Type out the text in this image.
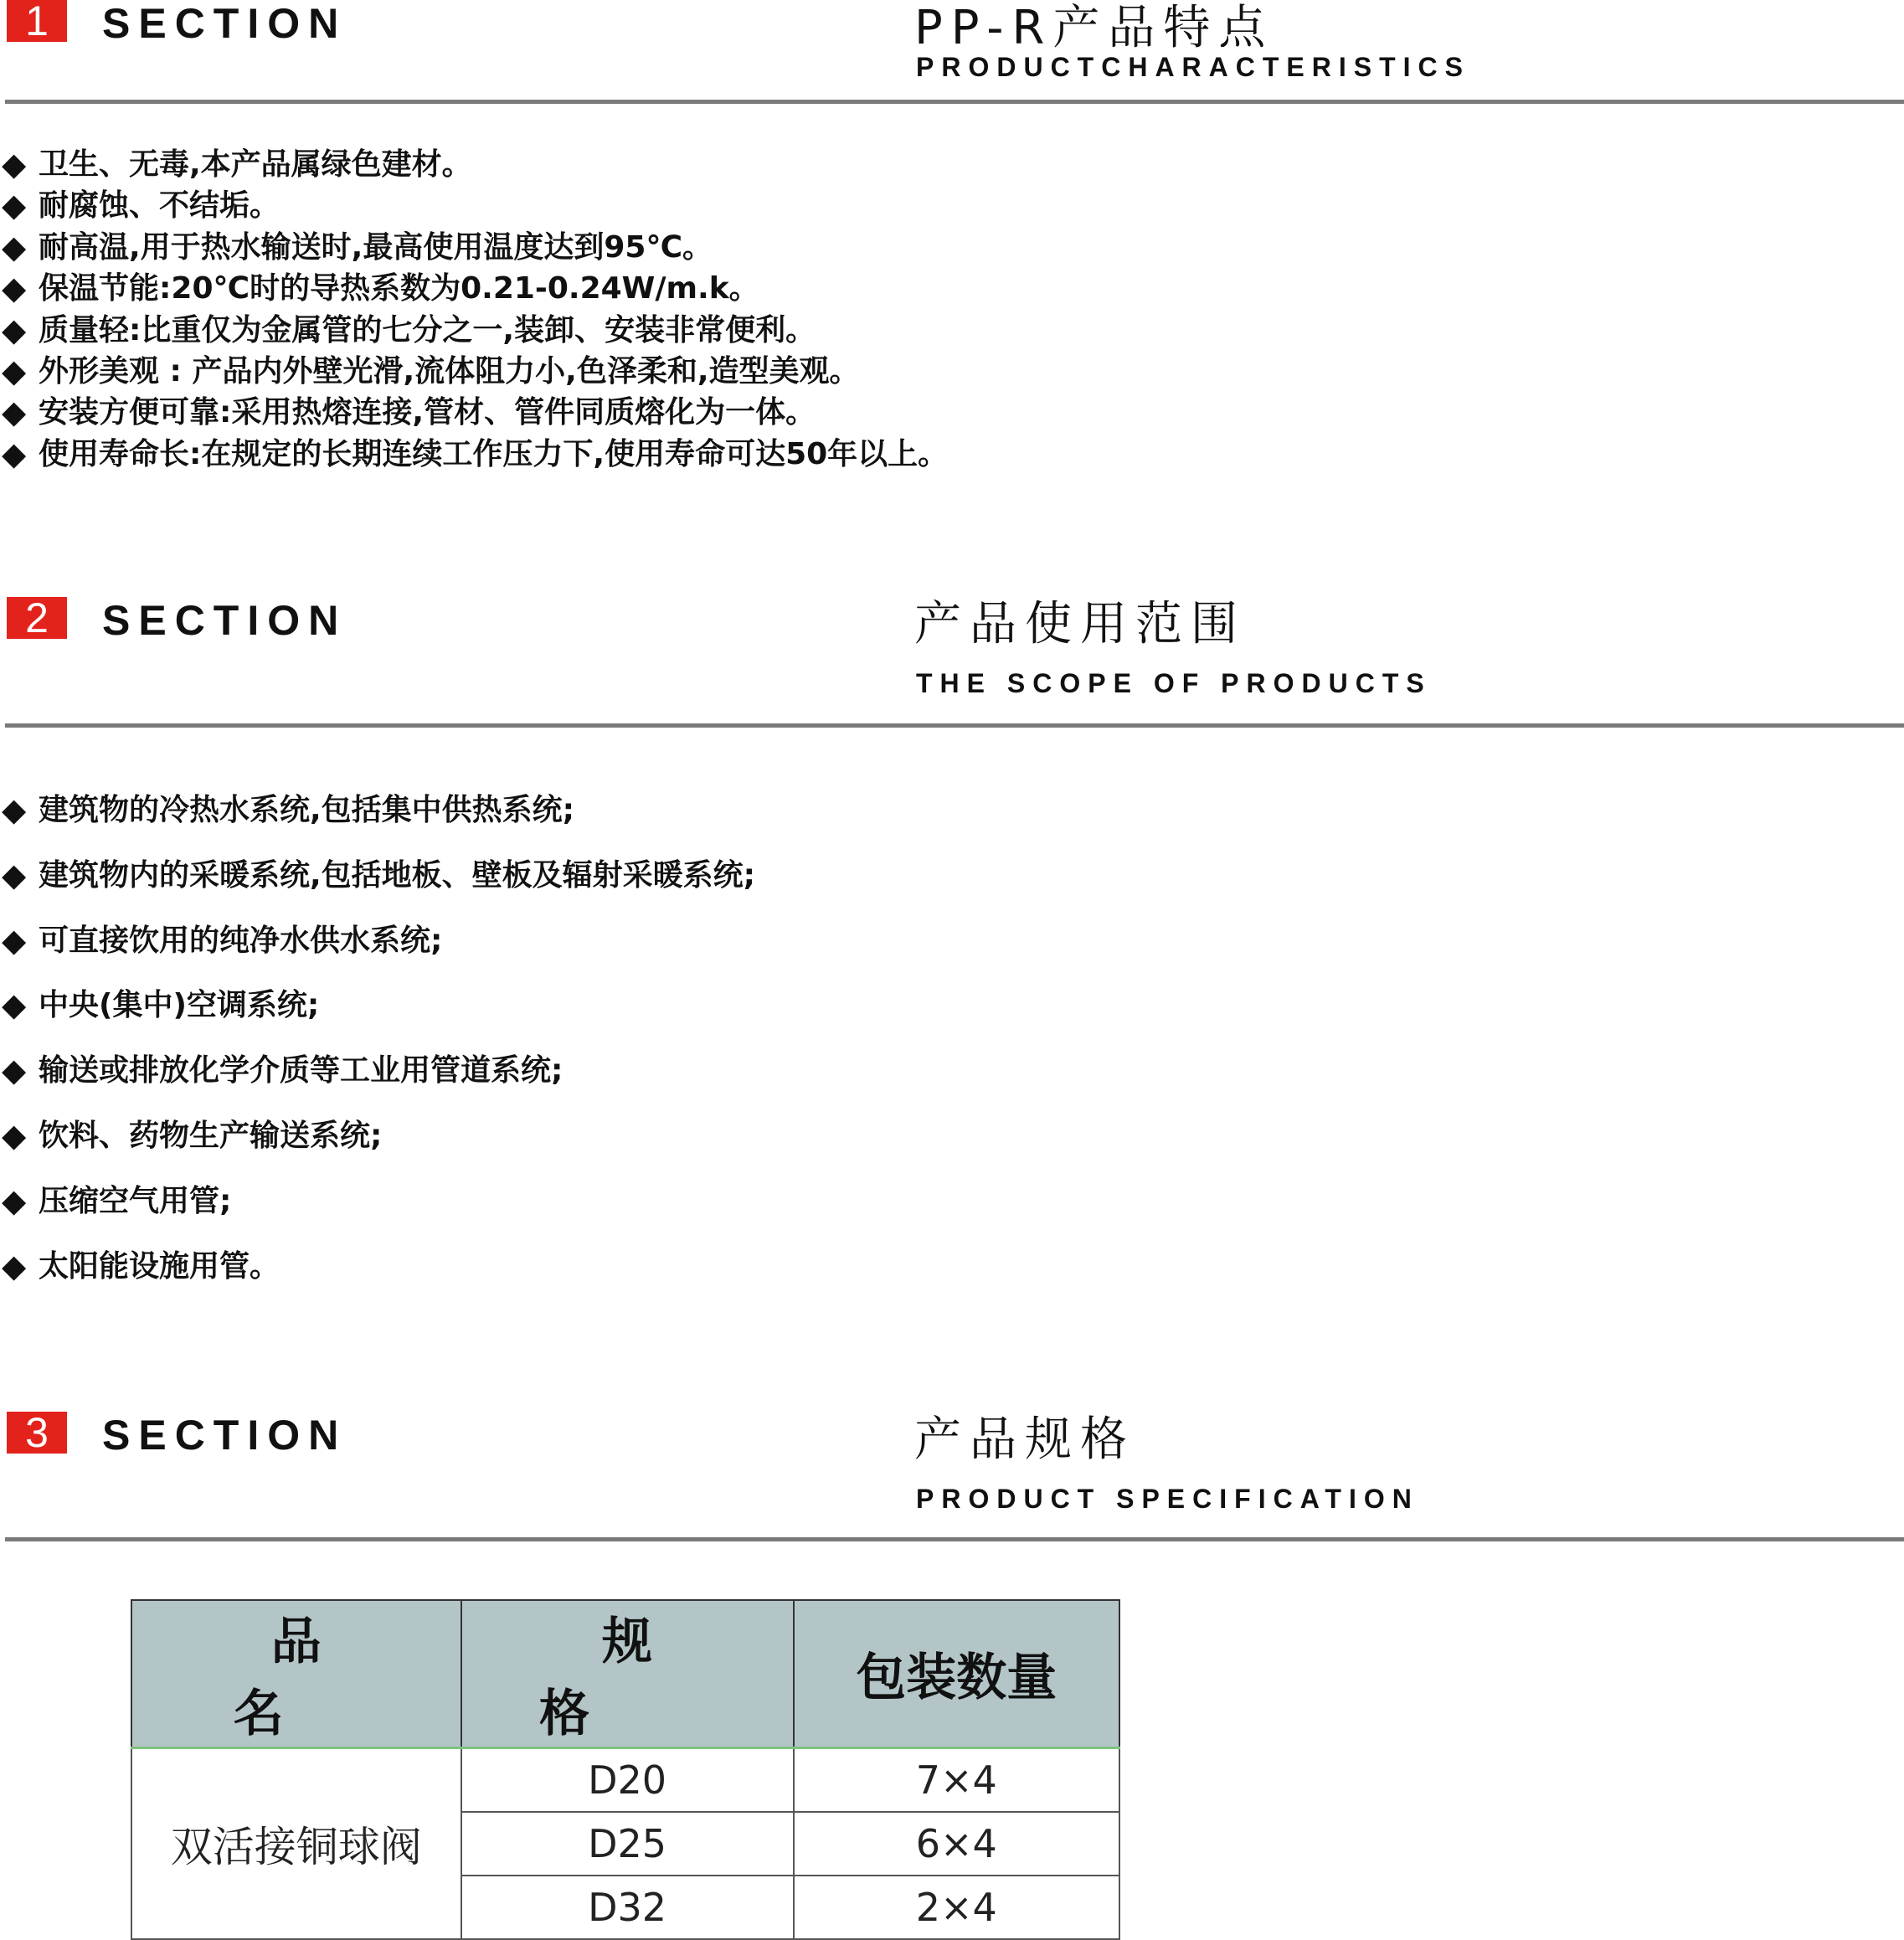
1	SECTION	PP-R产品特点
PRODUCTCHARACTERISTICS
◆ 卫生、无毒,本产品属绿色建材。
◆ 耐腐蚀、不结垢。
◆ 耐高温,用于热水输送时,最高使用温度达到95℃。
◆ 保温节能:20℃时的导热系数为0.21-0.24W/m.k。
◆ 质量轻:比重仅为金属管的七分之一,装卸、安装非常便利。
◆ 外形美观 : 产品内外壁光滑,流体阻力小,色泽柔和,造型美观。
◆ 安装方便可靠:采用热熔连接,管材、管件同质熔化为一体。
◆ 使用寿命长:在规定的长期连续工作压力下,使用寿命可达50年以上。
2	SECTION	产品使用范围
THE SCOPE OF PRODUCTS
◆ 建筑物的冷热水系统,包括集中供热系统;
◆ 建筑物内的采暖系统,包括地板、壁板及辐射采暖系统;
◆ 可直接饮用的纯净水供水系统;
◆ 中央(集中)空调系统;
◆ 输送或排放化学介质等工业用管道系统;
◆ 饮料、药物生产输送系统;
◆ 压缩空气用管;
◆ 太阳能设施用管。
3	SECTION	产品规格
PRODUCT SPECIFICATION
品名	规格	包装数量
双活接铜球阀	D20	7×4
	D25	6×4
	D32	2×4
